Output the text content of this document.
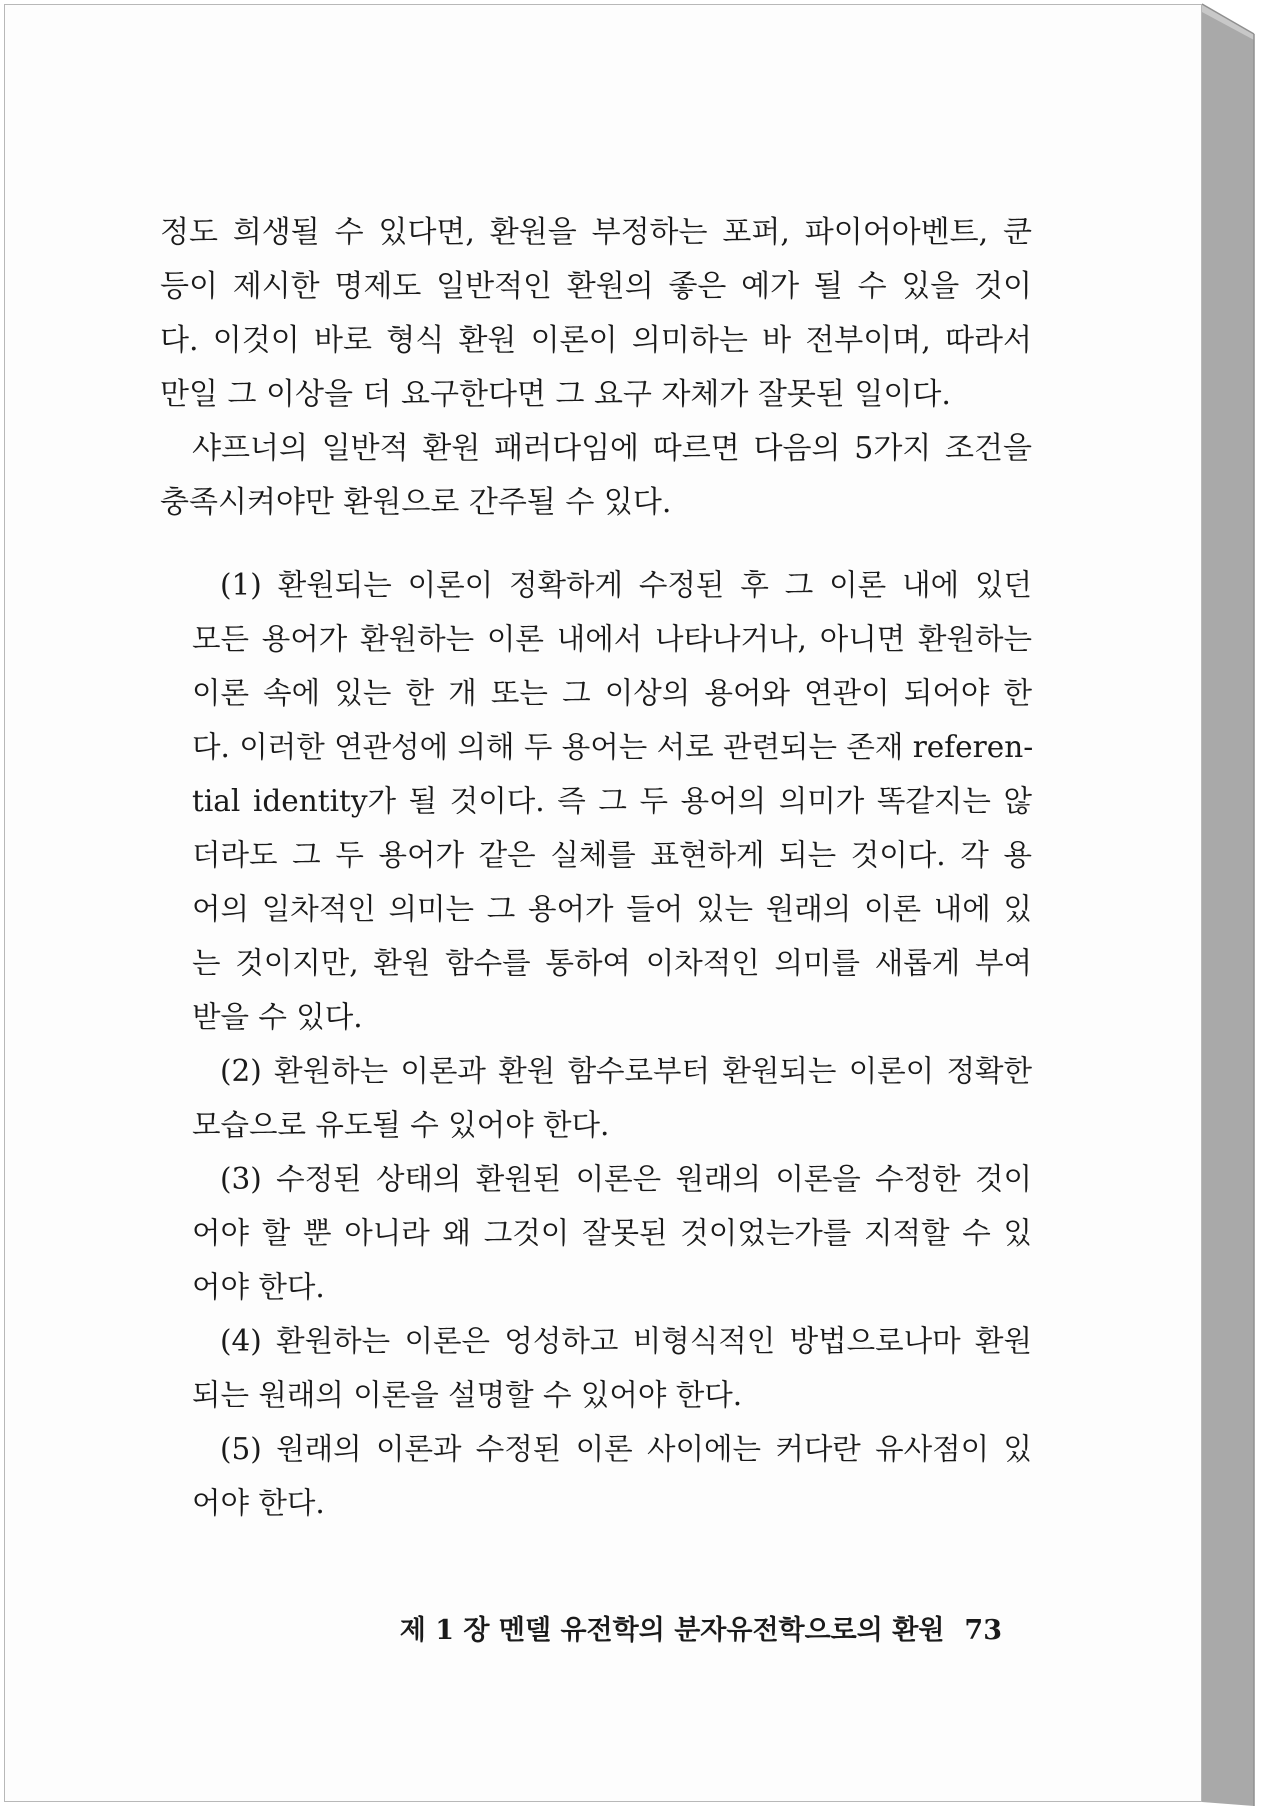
정도 희생될 수 있다면, 환원을 부정하는 포퍼, 파이어아벤트, 쿤
등이 제시한 명제도 일반적인 환원의 좋은 예가 될 수 있을 것이
다. 이것이 바로 형식 환원 이론이 의미하는 바 전부이며, 따라서
만일 그 이상을 더 요구한다면 그 요구 자체가 잘못된 일이다.
샤프너의 일반적 환원 패러다임에 따르면 다음의 5가지 조건을
충족시켜야만 환원으로 간주될 수 있다.
(1) 환원되는 이론이 정확하게 수정된 후 그 이론 내에 있던
모든 용어가 환원하는 이론 내에서 나타나거나, 아니면 환원하는
이론 속에 있는 한 개 또는 그 이상의 용어와 연관이 되어야 한
다. 이러한 연관성에 의해 두 용어는 서로 관련되는 존재 referen-
tial identity가 될 것이다. 즉 그 두 용어의 의미가 똑같지는 않
더라도 그 두 용어가 같은 실체를 표현하게 되는 것이다. 각 용
어의 일차적인 의미는 그 용어가 들어 있는 원래의 이론 내에 있
는 것이지만, 환원 함수를 통하여 이차적인 의미를 새롭게 부여
받을 수 있다.
(2) 환원하는 이론과 환원 함수로부터 환원되는 이론이 정확한
모습으로 유도될 수 있어야 한다.
(3) 수정된 상태의 환원된 이론은 원래의 이론을 수정한 것이
어야 할 뿐 아니라 왜 그것이 잘못된 것이었는가를 지적할 수 있
어야 한다.
(4) 환원하는 이론은 엉성하고 비형식적인 방법으로나마 환원
되는 원래의 이론을 설명할 수 있어야 한다.
(5) 원래의 이론과 수정된 이론 사이에는 커다란 유사점이 있
어야 한다.
제 1 장 멘델 유전학의 분자유전학으로의 환원 73
